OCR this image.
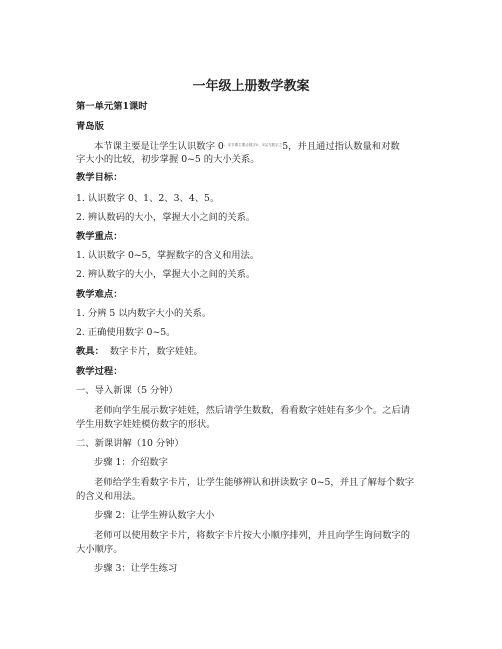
一年级上册数学教案
第一单元第1课时
青岛版
本节课主要是让学生认识数字 $0^{。本节课主要让数字0、5以方数字之}5$，并且通过指认数量和对数
字大小的比较，初步掌握 0~5 的大小关系。
教学目标：
1. 认识数字 0、1、2、3、4、5。
2. 辨认数码的大小，掌握大小之间的关系。
教学重点：
1. 认识数字 0~5，掌握数字的含义和用法。
2. 辨认数字的大小，掌握大小之间的关系。
教学难点：
1. 分辨 5 以内数字大小的关系。
2. 正确使用数字 0~5。
教具： 数字卡片，数字娃娃。
教学过程：
一、导入新课（5 分钟）
老师向学生展示数字娃娃，然后请学生数数，看看数字娃娃有多少个。之后请
学生用数字娃娃模仿数字的形状。
二、新课讲解（10 分钟）
步骤 1：介绍数字
老师给学生看数字卡片，让学生能够辨认和拼读数字 0~5，并且了解每个数字
的含义和用法。
步骤 2：让学生辨认数字大小
老师可以使用数字卡片，将数字卡片按大小顺序排列，并且向学生询问数字的
大小顺序。
步骤 3：让学生练习
